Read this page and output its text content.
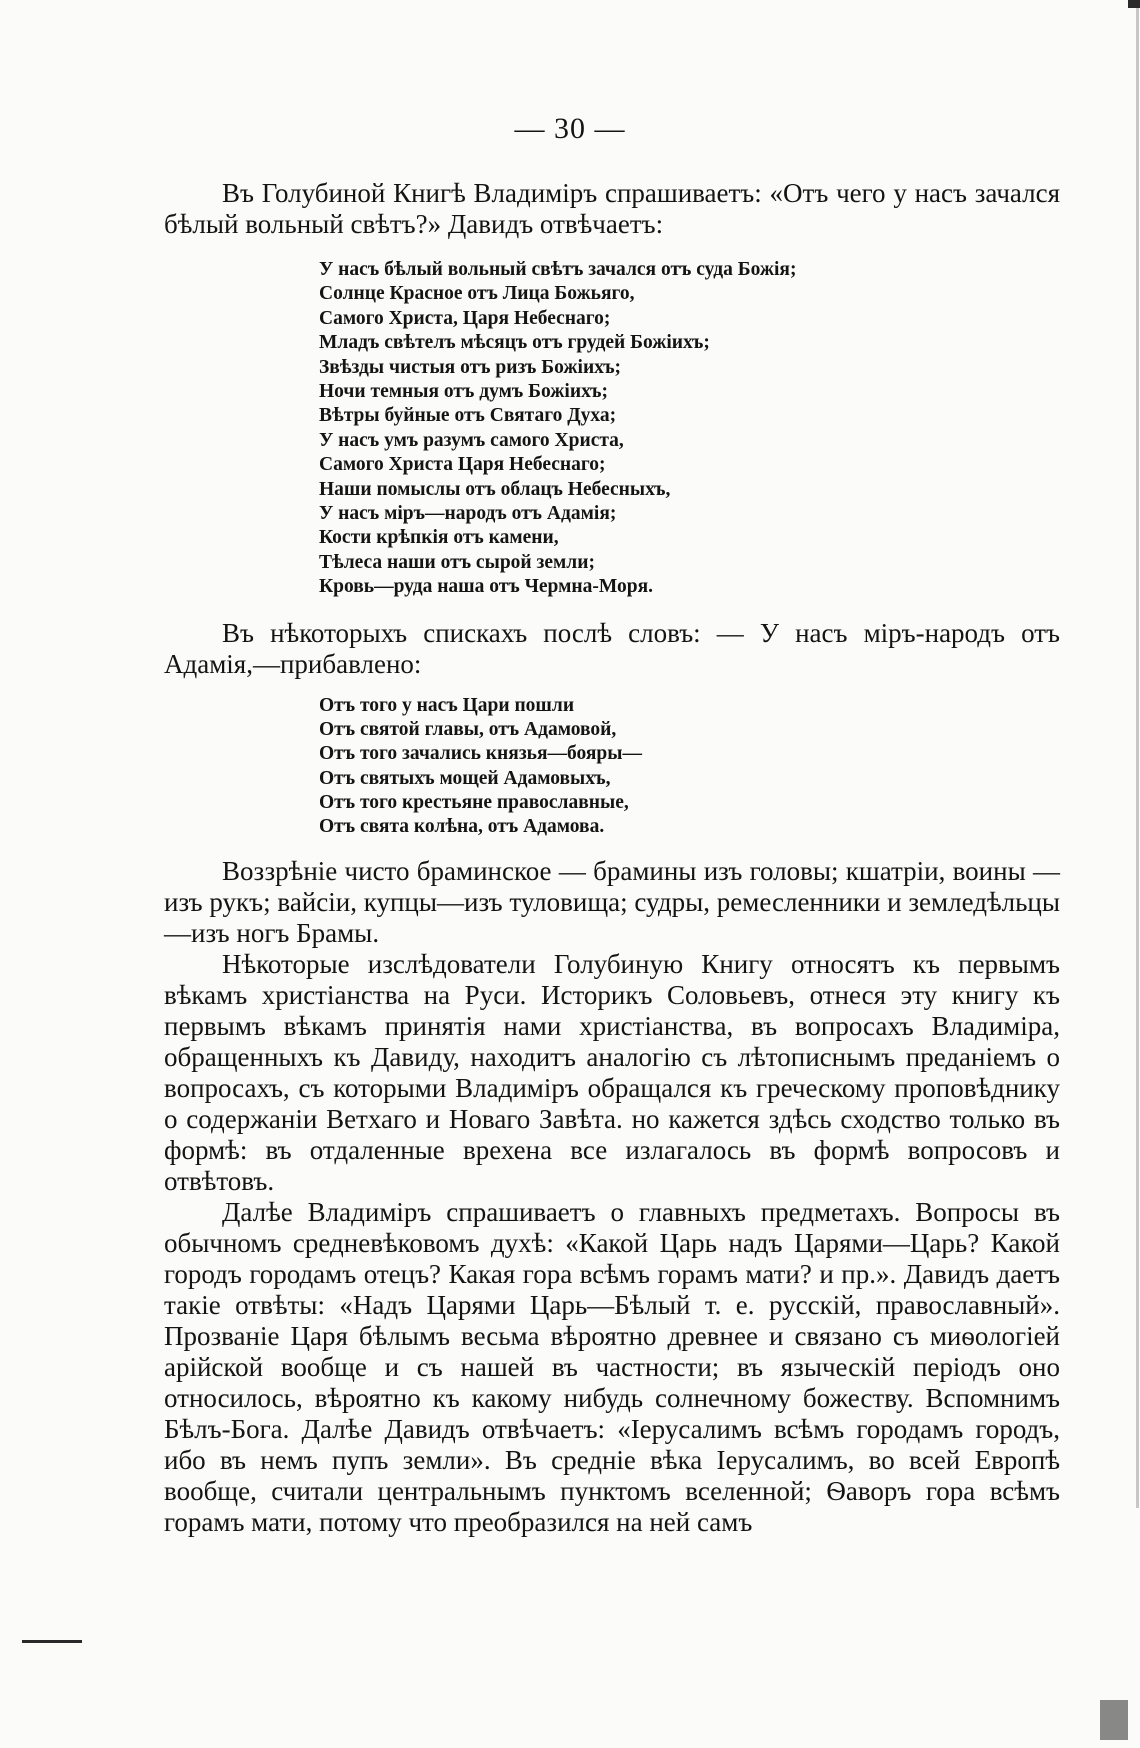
— 30 —

Въ Голубиной Книгѣ Владиміръ спрашиваетъ: «Отъ чего у насъ зачался бѣлый вольный свѣтъ?» Давидъ отвѣчаетъ:

У насъ бѣлый вольный свѣтъ зачался отъ суда Божія;
Солнце Красное отъ Лица Божьяго,
Самого Христа, Царя Небеснаго;
Младъ свѣтелъ мѣсяцъ отъ грудей Божіихъ;
Звѣзды чистыя отъ ризъ Божіихъ;
Ночи темныя отъ думъ Божіихъ;
Вѣтры буйные отъ Святаго Духа;
У насъ умъ разумъ самого Христа,
Самого Христа Царя Небеснаго;
Наши помыслы отъ облацъ Небесныхъ,
У насъ міръ—народъ отъ Адамія;
Кости крѣпкія отъ камени,
Тѣлеса наши отъ сырой земли;
Кровь—руда наша отъ Чермна-Моря.

Въ нѣкоторыхъ спискахъ послѣ словъ: — У насъ міръ-народъ отъ Адамія,—прибавлено:

Отъ того у насъ Цари пошли
Отъ святой главы, отъ Адамовой,
Отъ того зачались князья—бояры—
Отъ святыхъ мощей Адамовыхъ,
Отъ того крестьяне православные,
Отъ свята колѣна, отъ Адамова.

Воззрѣніе чисто браминское — брамины изъ головы; кшатріи, воины — изъ рукъ; вайсіи, купцы—изъ туловища; судры, ремесленники и земледѣльцы—изъ ногъ Брамы.

Нѣкоторые изслѣдователи Голубиную Книгу относятъ къ первымъ вѣкамъ христіанства на Руси. Историкъ Соловьевъ, отнеся эту книгу къ первымъ вѣкамъ принятія нами христіанства, въ вопросахъ Владиміра, обращенныхъ къ Давиду, находитъ аналогію съ лѣтописнымъ преданіемъ о вопросахъ, съ которыми Владиміръ обращался къ греческому проповѣднику о содержаніи Ветхаго и Новаго Завѣта. но кажется здѣсь сходство только въ формѣ: въ отдаленные врехена все излагалось въ формѣ вопросовъ и отвѣтовъ.

Далѣе Владиміръ спрашиваетъ о главныхъ предметахъ. Вопросы въ обычномъ средневѣковомъ духѣ: «Какой Царь надъ Царями—Царь? Какой городъ городамъ отецъ? Какая гора всѣмъ горамъ мати? и пр.». Давидъ даетъ такіе отвѣты: «Надъ Царями Царь—Бѣлый т. е. русскій, православный». Прозваніе Царя бѣлымъ весьма вѣроятно древнее и связано съ миѳологіей арійской вообще и съ нашей въ частности; въ языческій періодъ оно относилось, вѣроятно къ какому нибудь солнечному божеству. Вспомнимъ Бѣлъ-Бога. Далѣе Давидъ отвѣчаетъ: «Іерусалимъ всѣмъ городамъ городъ, ибо въ немъ пупъ земли». Въ средніе вѣка Іерусалимъ, во всей Европѣ вообще, считали центральнымъ пунктомъ вселенной; Ѳаворъ гора всѣмъ горамъ мати, потому что преобразился на ней самъ
